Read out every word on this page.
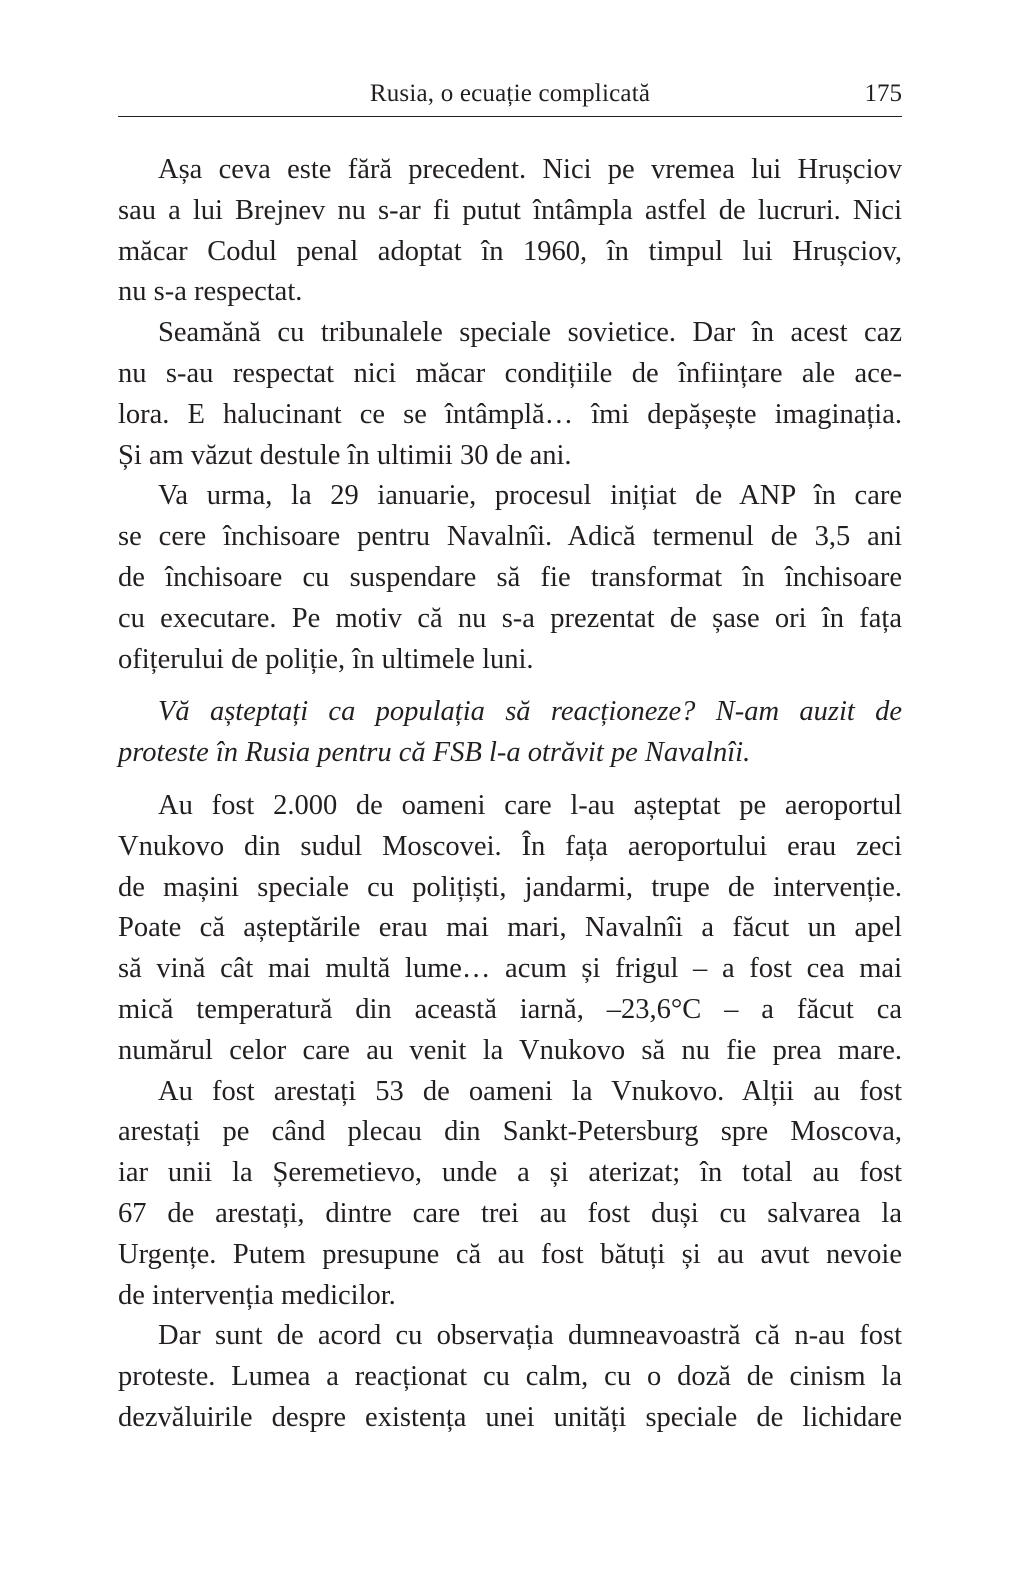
Rusia, o ecuație complicată	175
Așa ceva este fără precedent. Nici pe vremea lui Hrușciov
sau a lui Brejnev nu s-ar fi putut întâmpla astfel de lucruri. Nici
măcar Codul penal adoptat în 1960, în timpul lui Hrușciov,
nu s-a respectat.
Seamănă cu tribunalele speciale sovietice. Dar în acest caz
nu s-au respectat nici măcar condițiile de înființare ale ace-
lora. E halucinant ce se întâmplă… îmi depășește imaginația.
Și am văzut destule în ultimii 30 de ani.
Va urma, la 29 ianuarie, procesul inițiat de ANP în care
se cere închisoare pentru Navalnîi. Adică termenul de 3,5 ani
de închisoare cu suspendare să fie transformat în închisoare
cu executare. Pe motiv că nu s-a prezentat de șase ori în fața
ofițerului de poliție, în ultimele luni.
Vă așteptați ca populația să reacționeze? N-am auzit de
proteste în Rusia pentru că FSB l-a otrăvit pe Navalnîi.
Au fost 2.000 de oameni care l-au așteptat pe aeroportul
Vnukovo din sudul Moscovei. În fața aeroportului erau zeci
de mașini speciale cu polițiști, jandarmi, trupe de intervenție.
Poate că așteptările erau mai mari, Navalnîi a făcut un apel
să vină cât mai multă lume… acum și frigul – a fost cea mai
mică temperatură din această iarnă, –23,6°C – a făcut ca
numărul celor care au venit la Vnukovo să nu fie prea mare.
Au fost arestați 53 de oameni la Vnukovo. Alții au fost
arestați pe când plecau din Sankt-Petersburg spre Moscova,
iar unii la Șeremetievo, unde a și aterizat; în total au fost
67 de arestați, dintre care trei au fost duși cu salvarea la
Urgențe. Putem presupune că au fost bătuți și au avut nevoie
de intervenția medicilor.
Dar sunt de acord cu observația dumneavoastră că n-au fost
proteste. Lumea a reacționat cu calm, cu o doză de cinism la
dezvăluirile despre existența unei unități speciale de lichidare
